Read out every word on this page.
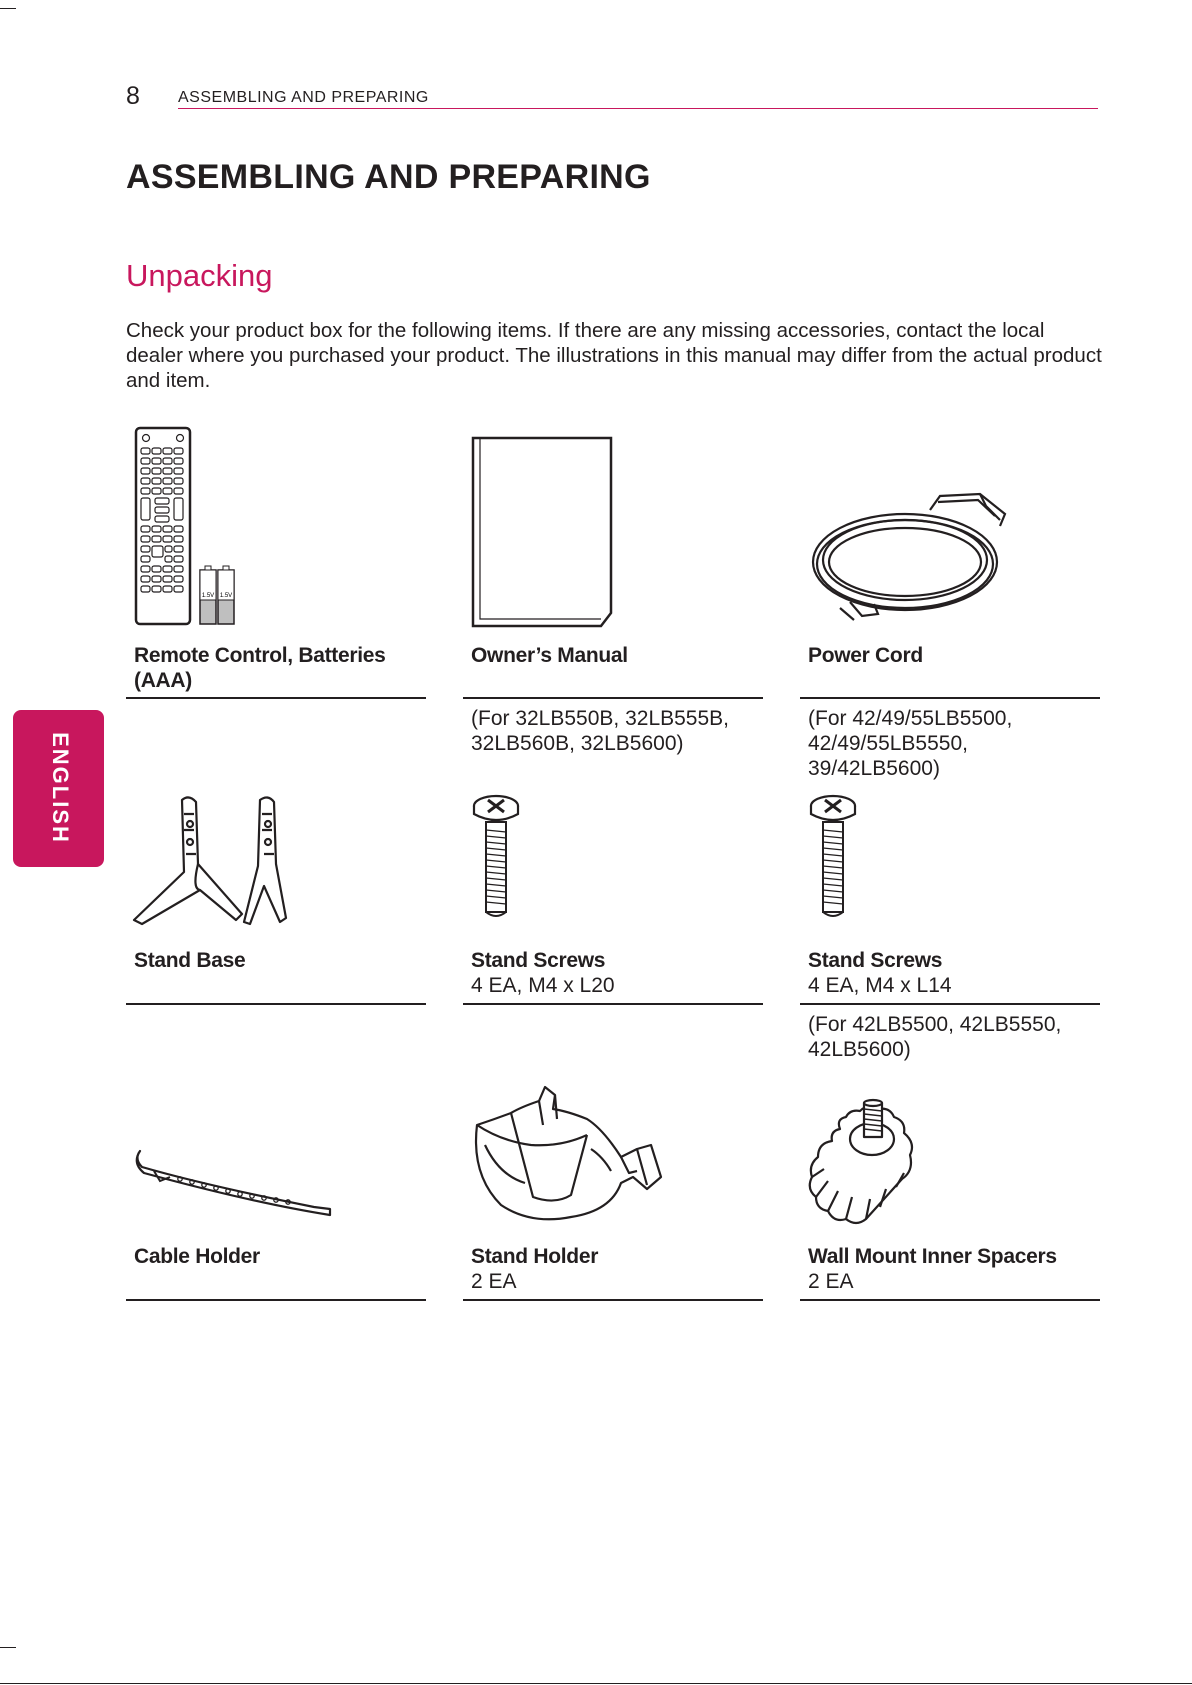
8 ASSEMBLING AND PREPARING
ENGLISH
ASSEMBLING AND PREPARING
Unpacking

Check your product box for the following items. If there are any missing accessories, contact the local dealer where you purchased your product. The illustrations in this manual may differ from the actual product and item.

1.5V 1.5V
Remote Control, Batteries (AAA)
Owner’s Manual
(For 32LB550B, 32LB555B, 32LB560B, 32LB5600)
Power Cord
(For 42/49/55LB5500, 42/49/55LB5550, 39/42LB5600)
Stand Base	Stand Screws
4 EA, M4 x L20
Stand Screws
4 EA, M4 x L14
(For 42LB5500, 42LB5550, 42LB5600)
Cable Holder	Stand Holder
2 EA
Wall Mount Inner Spacers
2 EA
